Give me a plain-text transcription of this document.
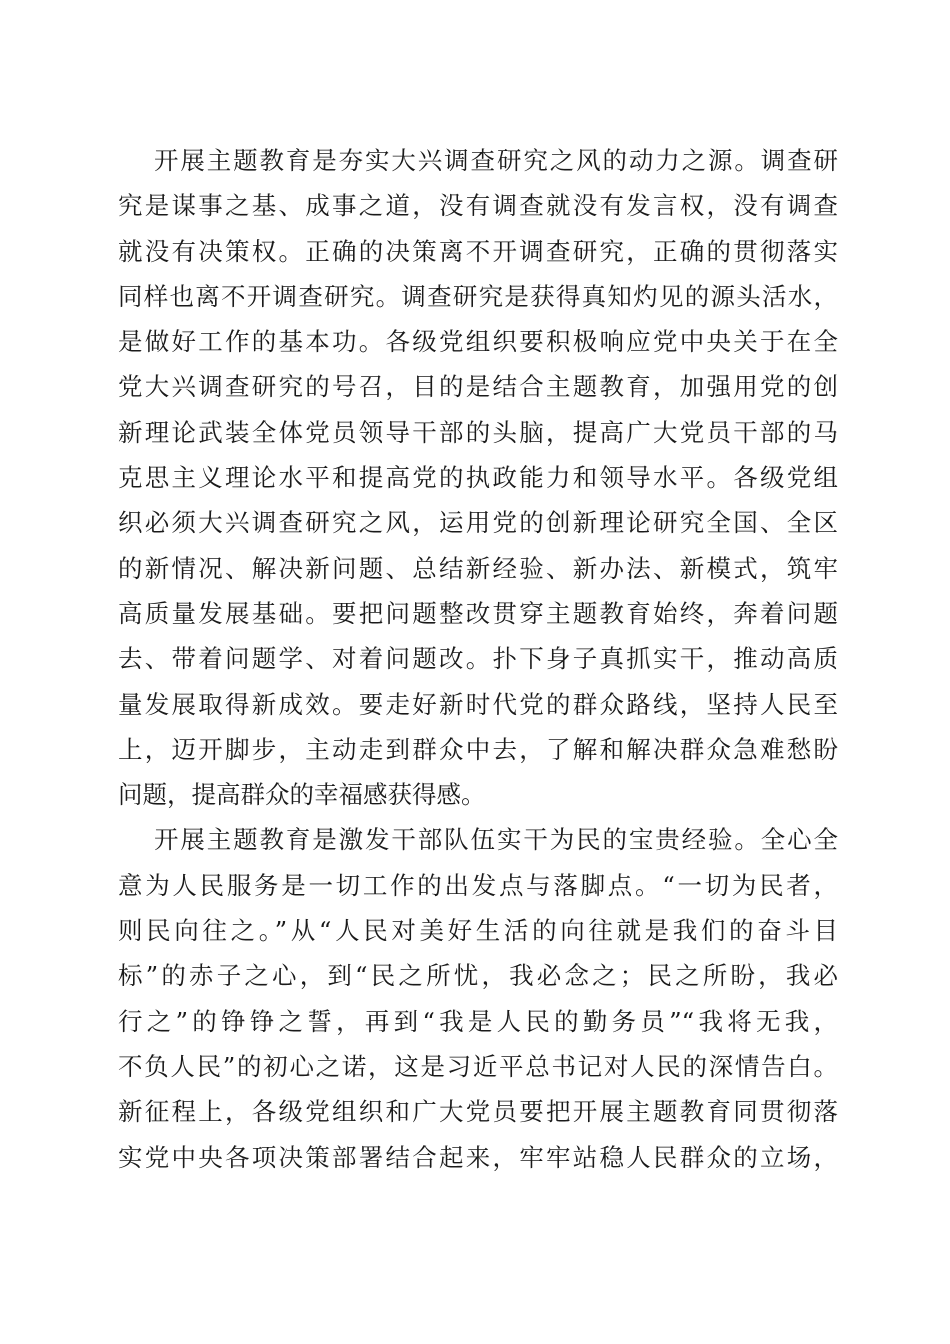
开展主题教育是夯实大兴调查研究之风的动力之源。调查研
究是谋事之基、成事之道，没有调查就没有发言权，没有调查
就没有决策权。正确的决策离不开调查研究，正确的贯彻落实
同样也离不开调查研究。调查研究是获得真知灼见的源头活水，
是做好工作的基本功。各级党组织要积极响应党中央关于在全
党大兴调查研究的号召，目的是结合主题教育，加强用党的创
新理论武装全体党员领导干部的头脑，提高广大党员干部的马
克思主义理论水平和提高党的执政能力和领导水平。各级党组
织必须大兴调查研究之风，运用党的创新理论研究全国、全区
的新情况、解决新问题、总结新经验、新办法、新模式，筑牢
高质量发展基础。要把问题整改贯穿主题教育始终，奔着问题
去、带着问题学、对着问题改。扑下身子真抓实干，推动高质
量发展取得新成效。要走好新时代党的群众路线，坚持人民至
上，迈开脚步，主动走到群众中去，了解和解决群众急难愁盼
问题，提高群众的幸福感获得感。
开展主题教育是激发干部队伍实干为民的宝贵经验。全心全
意为人民服务是一切工作的出发点与落脚点。“一切为民者，
则民向往之。”从“人民对美好生活的向往就是我们的奋斗目
标”的赤子之心，到“民之所忧，我必念之；民之所盼，我必
行之”的铮铮之誓，再到“我是人民的勤务员”“我将无我，
不负人民”的初心之诺，这是习近平总书记对人民的深情告白。
新征程上，各级党组织和广大党员要把开展主题教育同贯彻落
实党中央各项决策部署结合起来，牢牢站稳人民群众的立场，
